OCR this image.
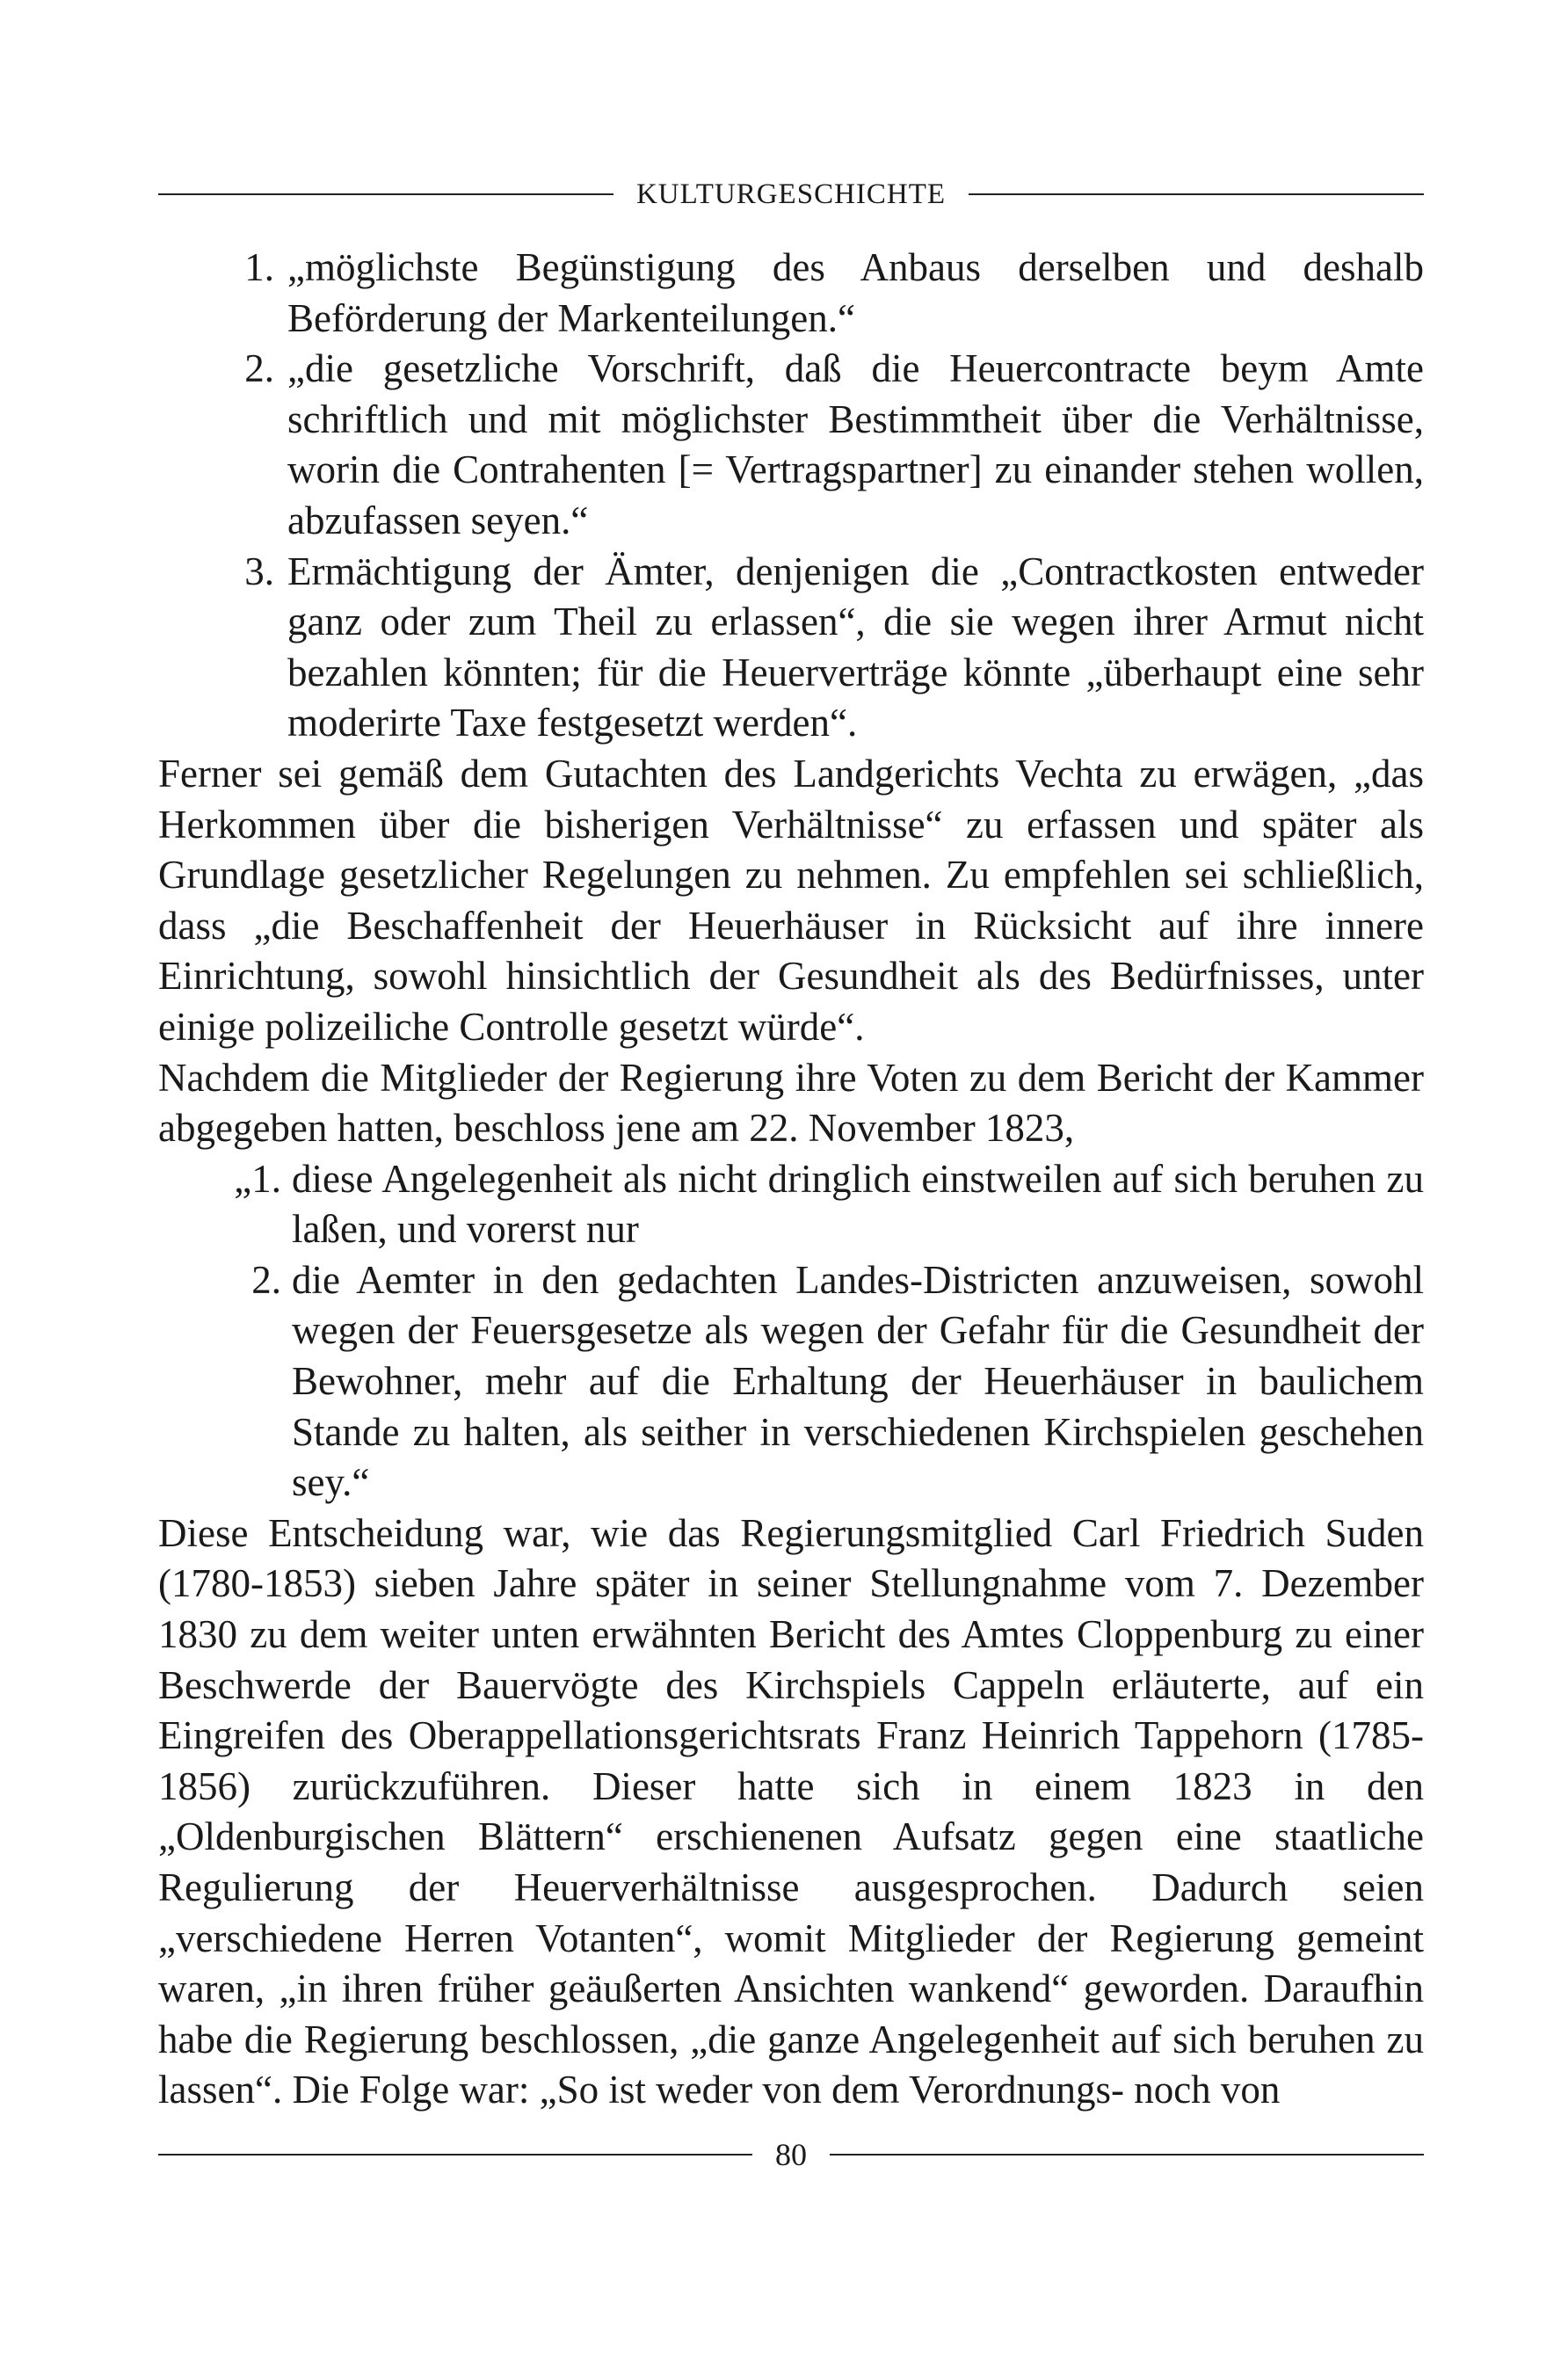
KULTURGESCHICHTE
1. „möglichste Begünstigung des Anbaus derselben und deshalb Beförderung der Markenteilungen.“
2. „die gesetzliche Vorschrift, daß die Heuercontracte beym Amte schriftlich und mit möglichster Bestimmtheit über die Verhältnisse, worin die Contrahenten [= Vertragspartner] zu einander stehen wollen, abzufassen seyen.“
3. Ermächtigung der Ämter, denjenigen die „Contractkosten entweder ganz oder zum Theil zu erlassen“, die sie wegen ihrer Armut nicht bezahlen könnten; für die Heuerverträge könnte „überhaupt eine sehr moderirte Taxe festgesetzt werden“.

Ferner sei gemäß dem Gutachten des Landgerichts Vechta zu erwägen, „das Herkommen über die bisherigen Verhältnisse“ zu erfassen und später als Grundlage gesetzlicher Regelungen zu nehmen. Zu empfehlen sei schließlich, dass „die Beschaffenheit der Heuerhäuser in Rücksicht auf ihre innere Einrichtung, sowohl hinsichtlich der Gesundheit als des Bedürfnisses, unter einige polizeiliche Controlle gesetzt würde“.

Nachdem die Mitglieder der Regierung ihre Voten zu dem Bericht der Kammer abgegeben hatten, beschloss jene am 22. November 1823,

„1. diese Angelegenheit als nicht dringlich einstweilen auf sich beruhen zu laßen, und vorerst nur
2. die Aemter in den gedachten Landes-Districten anzuweisen, sowohl wegen der Feuersgesetze als wegen der Gefahr für die Gesundheit der Bewohner, mehr auf die Erhaltung der Heuerhäuser in baulichem Stande zu halten, als seither in verschiedenen Kirchspielen geschehen sey.“

Diese Entscheidung war, wie das Regierungsmitglied Carl Friedrich Suden (1780-1853) sieben Jahre später in seiner Stellungnahme vom 7. Dezember 1830 zu dem weiter unten erwähnten Bericht des Amtes Cloppenburg zu einer Beschwerde der Bauervögte des Kirchspiels Cappeln erläuterte, auf ein Eingreifen des Oberappellationsgerichtsrats Franz Heinrich Tappehorn (1785-1856) zurückzuführen. Dieser hatte sich in einem 1823 in den „Oldenburgischen Blättern“ erschienenen Aufsatz gegen eine staatliche Regulierung der Heuerverhältnisse ausgesprochen. Dadurch seien „verschiedene Herren Votanten“, womit Mitglieder der Regierung gemeint waren, „in ihren früher geäußerten Ansichten wankend“ geworden. Daraufhin habe die Regierung beschlossen, „die ganze Angelegenheit auf sich beruhen zu lassen“. Die Folge war: „So ist weder von dem Verordnungs- noch von

80
